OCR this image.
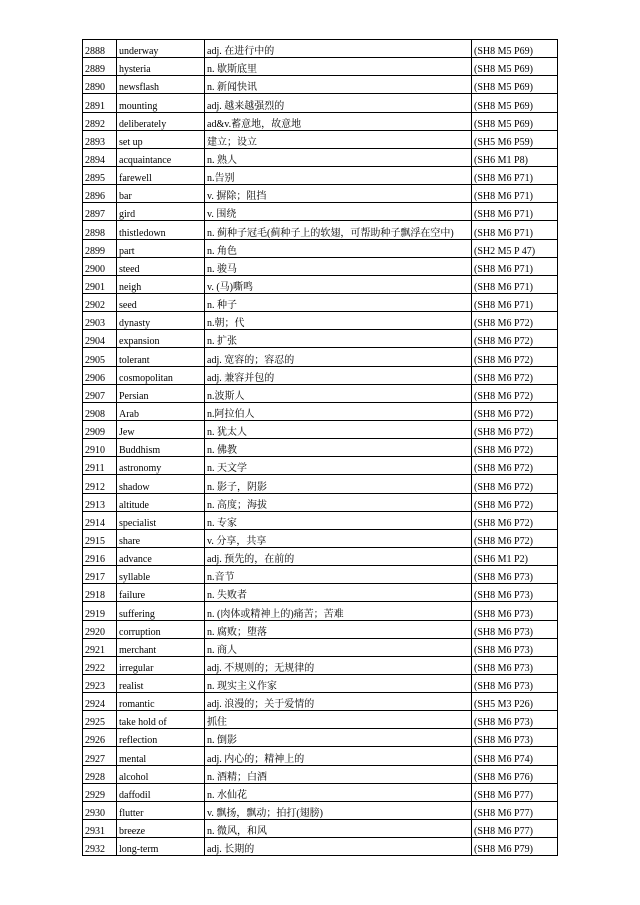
2888	underway	adj. 在进行中的	(SH8 M5 P69)
2889	hysteria	n. 歇斯底里	(SH8 M5 P69)
2890	newsflash	n. 新闻快讯	(SH8 M5 P69)
2891	mounting	adj. 越来越强烈的	(SH8 M5 P69)
2892	deliberately	ad&v.蓄意地，故意地	(SH8 M5 P69)
2893	set up	建立；设立	(SH5 M6 P59)
2894	acquaintance	n. 熟人	(SH6 M1 P8)
2895	farewell	n.告别	(SH8 M6 P71)
2896	bar	v. 摒除；阻挡	(SH8 M6 P71)
2897	gird	v. 围绕	(SH8 M6 P71)
2898	thistledown	n. 蓟种子冠毛(蓟种子上的软翅，可帮助种子飘浮在空中)	(SH8 M6 P71)
2899	part	n. 角色	(SH2 M5 P 47)
2900	steed	n. 骏马	(SH8 M6 P71)
2901	neigh	v. (马)嘶鸣	(SH8 M6 P71)
2902	seed	n. 种子	(SH8 M6 P71)
2903	dynasty	n.朝；代	(SH8 M6 P72)
2904	expansion	n. 扩张	(SH8 M6 P72)
2905	tolerant	adj. 宽容的；容忍的	(SH8 M6 P72)
2906	cosmopolitan	adj. 兼容并包的	(SH8 M6 P72)
2907	Persian	n.波斯人	(SH8 M6 P72)
2908	Arab	n.阿拉伯人	(SH8 M6 P72)
2909	Jew	n. 犹太人	(SH8 M6 P72)
2910	Buddhism	n. 佛教	(SH8 M6 P72)
2911	astronomy	n. 天文学	(SH8 M6 P72)
2912	shadow	n. 影子，阴影	(SH8 M6 P72)
2913	altitude	n. 高度；海拔	(SH8 M6 P72)
2914	specialist	n. 专家	(SH8 M6 P72)
2915	share	v. 分享，共享	(SH8 M6 P72)
2916	advance	adj. 预先的，在前的	(SH6 M1 P2)
2917	syllable	n.音节	(SH8 M6 P73)
2918	failure	n. 失败者	(SH8 M6 P73)
2919	suffering	n. (肉体或精神上的)痛苦；苦难	(SH8 M6 P73)
2920	corruption	n. 腐败；堕落	(SH8 M6 P73)
2921	merchant	n. 商人	(SH8 M6 P73)
2922	irregular	adj. 不规则的；无规律的	(SH8 M6 P73)
2923	realist	n. 现实主义作家	(SH8 M6 P73)
2924	romantic	adj. 浪漫的；关于爱情的	(SH5 M3 P26)
2925	take hold of	抓住	(SH8 M6 P73)
2926	reflection	n. 倒影	(SH8 M6 P73)
2927	mental	adj. 内心的；精神上的	(SH8 M6 P74)
2928	alcohol	n. 酒精；白酒	(SH8 M6 P76)
2929	daffodil	n. 水仙花	(SH8 M6 P77)
2930	flutter	v. 飘扬，飘动；拍打(翅膀)	(SH8 M6 P77)
2931	breeze	n. 微风，和风	(SH8 M6 P77)
2932	long-term	adj. 长期的	(SH8 M6 P79)
